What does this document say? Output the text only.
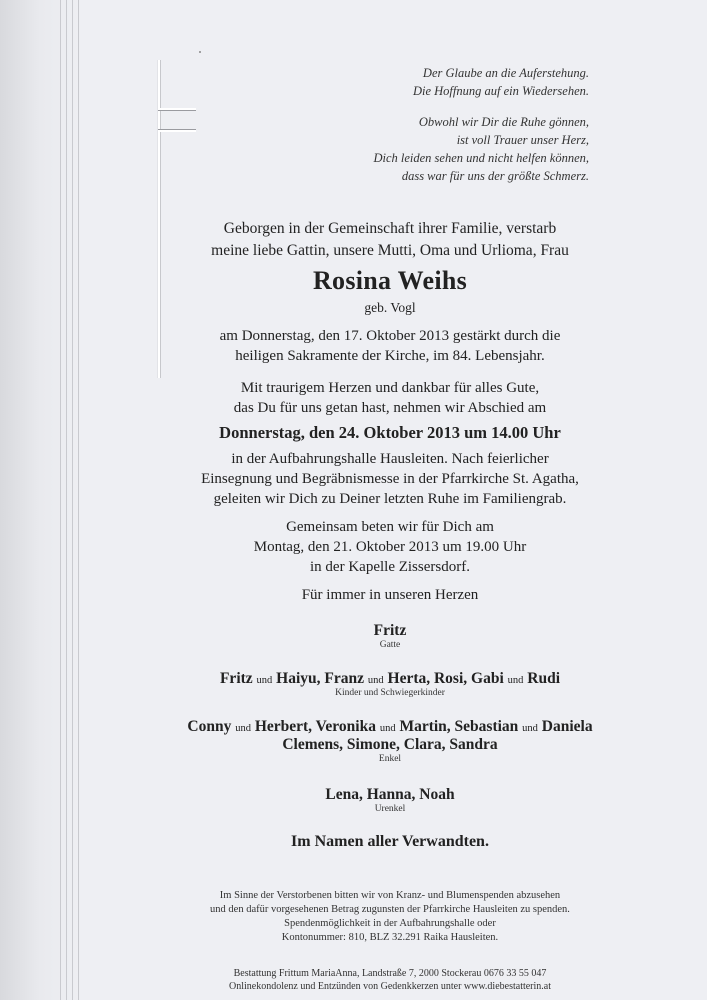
Der Glaube an die Auferstehung.
Die Hoffnung auf ein Wiedersehen.
Obwohl wir Dir die Ruhe gönnen,
ist voll Trauer unser Herz,
Dich leiden sehen und nicht helfen können,
dass war für uns der größte Schmerz.
Geborgen in der Gemeinschaft ihrer Familie, verstarb
meine liebe Gattin, unsere Mutti, Oma und Urlioma, Frau
Rosina Weihs
geb. Vogl
am Donnerstag, den 17. Oktober 2013 gestärkt durch die
heiligen Sakramente der Kirche, im 84. Lebensjahr.
Mit traurigem Herzen und dankbar für alles Gute,
das Du für uns getan hast, nehmen wir Abschied am
Donnerstag, den 24. Oktober 2013 um 14.00 Uhr
in der Aufbahrungshalle Hausleiten. Nach feierlicher
Einsegnung und Begräbnismesse in der Pfarrkirche St. Agatha,
geleiten wir Dich zu Deiner letzten Ruhe im Familiengrab.
Gemeinsam beten wir für Dich am
Montag, den 21. Oktober 2013 um 19.00 Uhr
in der Kapelle Zissersdorf.
Für immer in unseren Herzen
Fritz
Gatte
Fritz und Haiyu, Franz und Herta, Rosi, Gabi und Rudi
Kinder und Schwiegerkinder
Conny und Herbert, Veronika und Martin, Sebastian und Daniela
Clemens, Simone, Clara, Sandra
Enkel
Lena, Hanna, Noah
Urenkel
Im Namen aller Verwandten.
Im Sinne der Verstorbenen bitten wir von Kranz- und Blumenspenden abzusehen
und den dafür vorgesehenen Betrag zugunsten der Pfarrkirche Hausleiten zu spenden.
Spendenmöglichkeit in der Aufbahrungshalle oder
Kontonummer: 810, BLZ 32.291 Raika Hausleiten.
Bestattung Frittum MariaAnna, Landstraße 7, 2000 Stockerau 0676 33 55 047
Onlinekondolenz und Entzünden von Gedenkkerzen unter www.diebestatterin.at
